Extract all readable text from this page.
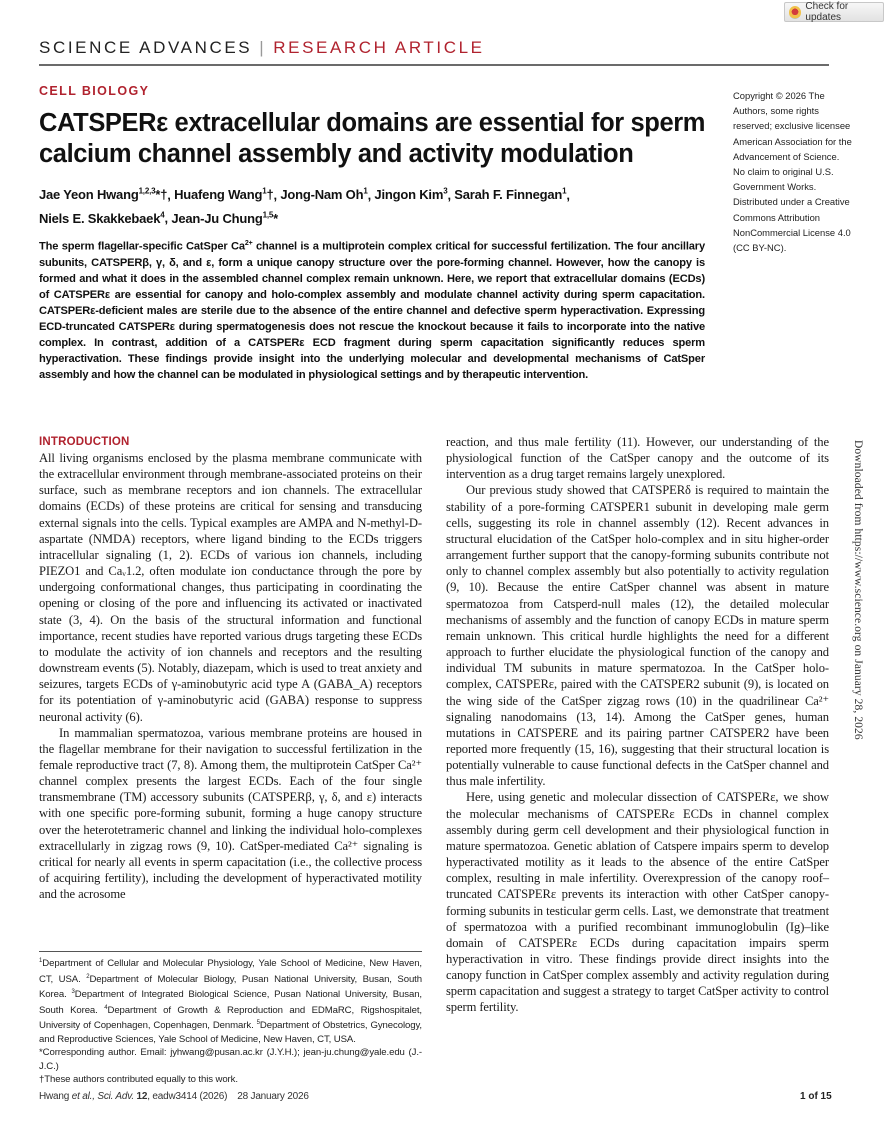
Check for updates
SCIENCE ADVANCES | RESEARCH ARTICLE
CELL BIOLOGY
CATSPERε extracellular domains are essential for sperm calcium channel assembly and activity modulation
Jae Yeon Hwang$^{1,2,3}$*†, Huafeng Wang$^1$†, Jong-Nam Oh$^1$, Jingon Kim$^3$, Sarah F. Finnegan$^1$,
Niels E. Skakkebaek$^4$, Jean-Ju Chung$^{1,5}$*
Copyright © 2026 The Authors, some rights reserved; exclusive licensee American Association for the Advancement of Science. No claim to original U.S. Government Works. Distributed under a Creative Commons Attribution NonCommercial License 4.0 (CC BY-NC).

The sperm flagellar-specific CatSper $Ca^{2+}$ channel is a multiprotein complex critical for successful fertilization. The four ancillary subunits, CATSPERβ, γ, δ, and ε, form a unique canopy structure over the pore-forming channel. However, how the canopy is formed and what it does in the assembled channel complex remain unknown. Here, we report that extracellular domains (ECDs) of CATSPERε are essential for canopy and holo-complex assembly and modulate channel activity during sperm capacitation. CATSPERε-deficient males are sterile due to the absence of the entire channel and defective sperm hyperactivation. Expressing ECD-truncated CATSPERε during spermatogenesis does not rescue the knockout because it fails to incorporate into the native complex. In contrast, addition of a CATSPERε ECD fragment during sperm capacitation significantly reduces sperm hyperactivation. These findings provide insight into the underlying molecular and developmental mechanisms of CatSper assembly and how the channel can be modulated in physiological settings and by therapeutic intervention.

INTRODUCTION

All living organisms enclosed by the plasma membrane communicate with the extracellular environment through membrane-associated proteins on their surface, such as membrane receptors and ion channels. The extracellular domains (ECDs) of these proteins are critical for sensing and transducing external signals into the cells. Typical examples are AMPA and N-methyl-D-aspartate (NMDA) receptors, where ligand binding to the ECDs triggers intracellular signaling (1, 2). ECDs of various ion channels, including PIEZO1 and Caᵥ1.2, often modulate ion conductance through the pore by undergoing conformational changes, thus participating in coordinating the opening or closing of the pore and influencing its activated or inactivated state (3, 4). On the basis of the structural information and functional importance, recent studies have reported various drugs targeting these ECDs to modulate the activity of ion channels and receptors and the resulting downstream events (5). Notably, diazepam, which is used to treat anxiety and seizures, targets ECDs of γ-aminobutyric acid type A (GABA_A) receptors for its potentiation of γ-aminobutyric acid (GABA) response to suppress neuronal activity (6).

In mammalian spermatozoa, various membrane proteins are housed in the flagellar membrane for their navigation to successful fertilization in the female reproductive tract (7, 8). Among them, the multiprotein CatSper Ca²⁺ channel complex presents the largest ECDs. Each of the four single transmembrane (TM) accessory subunits (CATSPERβ, γ, δ, and ε) interacts with one specific pore-forming subunit, forming a huge canopy structure over the heterotetrameric channel and linking the individual holo-complexes extracellularly in zigzag rows (9, 10). CatSper-mediated Ca²⁺ signaling is critical for nearly all events in sperm capacitation (i.e., the collective process of acquiring fertility), including the development of hyperactivated motility and the acrosome

reaction, and thus male fertility (11). However, our understanding of the physiological function of the CatSper canopy and the outcome of its intervention as a drug target remains largely unexplored.

Our previous study showed that CATSPERδ is required to maintain the stability of a pore-forming CATSPER1 subunit in developing male germ cells, suggesting its role in channel assembly (12). Recent advances in structural elucidation of the CatSper holo-complex and in situ higher-order arrangement further support that the canopy-forming subunits contribute not only to channel complex assembly but also potentially to activity regulation (9, 10). Because the entire CatSper channel was absent in mature spermatozoa from Catsperd-null males (12), the detailed molecular mechanisms of assembly and the function of canopy ECDs in mature sperm remain unknown. This critical hurdle highlights the need for a different approach to further elucidate the physiological function of the canopy and individual TM subunits in mature spermatozoa. In the CatSper holo-complex, CATSPERε, paired with the CATSPER2 subunit (9), is located on the wing side of the CatSper zigzag rows (10) in the quadrilinear Ca²⁺ signaling nanodomains (13, 14). Among the CatSper genes, human mutations in CATSPERE and its pairing partner CATSPER2 have been reported more frequently (15, 16), suggesting that their structural location is potentially vulnerable to cause functional defects in the CatSper channel and thus male infertility.

Here, using genetic and molecular dissection of CATSPERε, we show the molecular mechanisms of CATSPERε ECDs in channel complex assembly during germ cell development and their physiological function in mature spermatozoa. Genetic ablation of Catspere impairs sperm to develop hyperactivated motility as it leads to the absence of the entire CatSper complex, resulting in male infertility. Overexpression of the canopy roof–truncated CATSPERε prevents its interaction with other CatSper canopy-forming subunits in testicular germ cells. Last, we demonstrate that treatment of spermatozoa with a purified recombinant immunoglobulin (Ig)–like domain of CATSPERε ECDs during capacitation impairs sperm hyperactivation in vitro. These findings provide direct insights into the canopy function in CatSper complex assembly and activity regulation during sperm capacitation and suggest a strategy to target CatSper activity to control sperm fertility.

$^1$Department of Cellular and Molecular Physiology, Yale School of Medicine, New Haven, CT, USA. $^2$Department of Molecular Biology, Pusan National University, Busan, South Korea. $^3$Department of Integrated Biological Science, Pusan National University, Busan, South Korea. $^4$Department of Growth & Reproduction and EDMaRC, Rigshospitalet, University of Copenhagen, Copenhagen, Denmark. $^5$Department of Obstetrics, Gynecology, and Reproductive Sciences, Yale School of Medicine, New Haven, CT, USA.

*Corresponding author. Email: jyhwang@pusan.ac.kr (J.Y.H.); jean-ju.chung@yale.edu (J.-J.C.)

†These authors contributed equally to this work.

Downloaded from https://www.science.org on January 28, 2026
Hwang et al., Sci. Adv. 12, eadw3414 (2026) 28 January 2026	1 of 15
